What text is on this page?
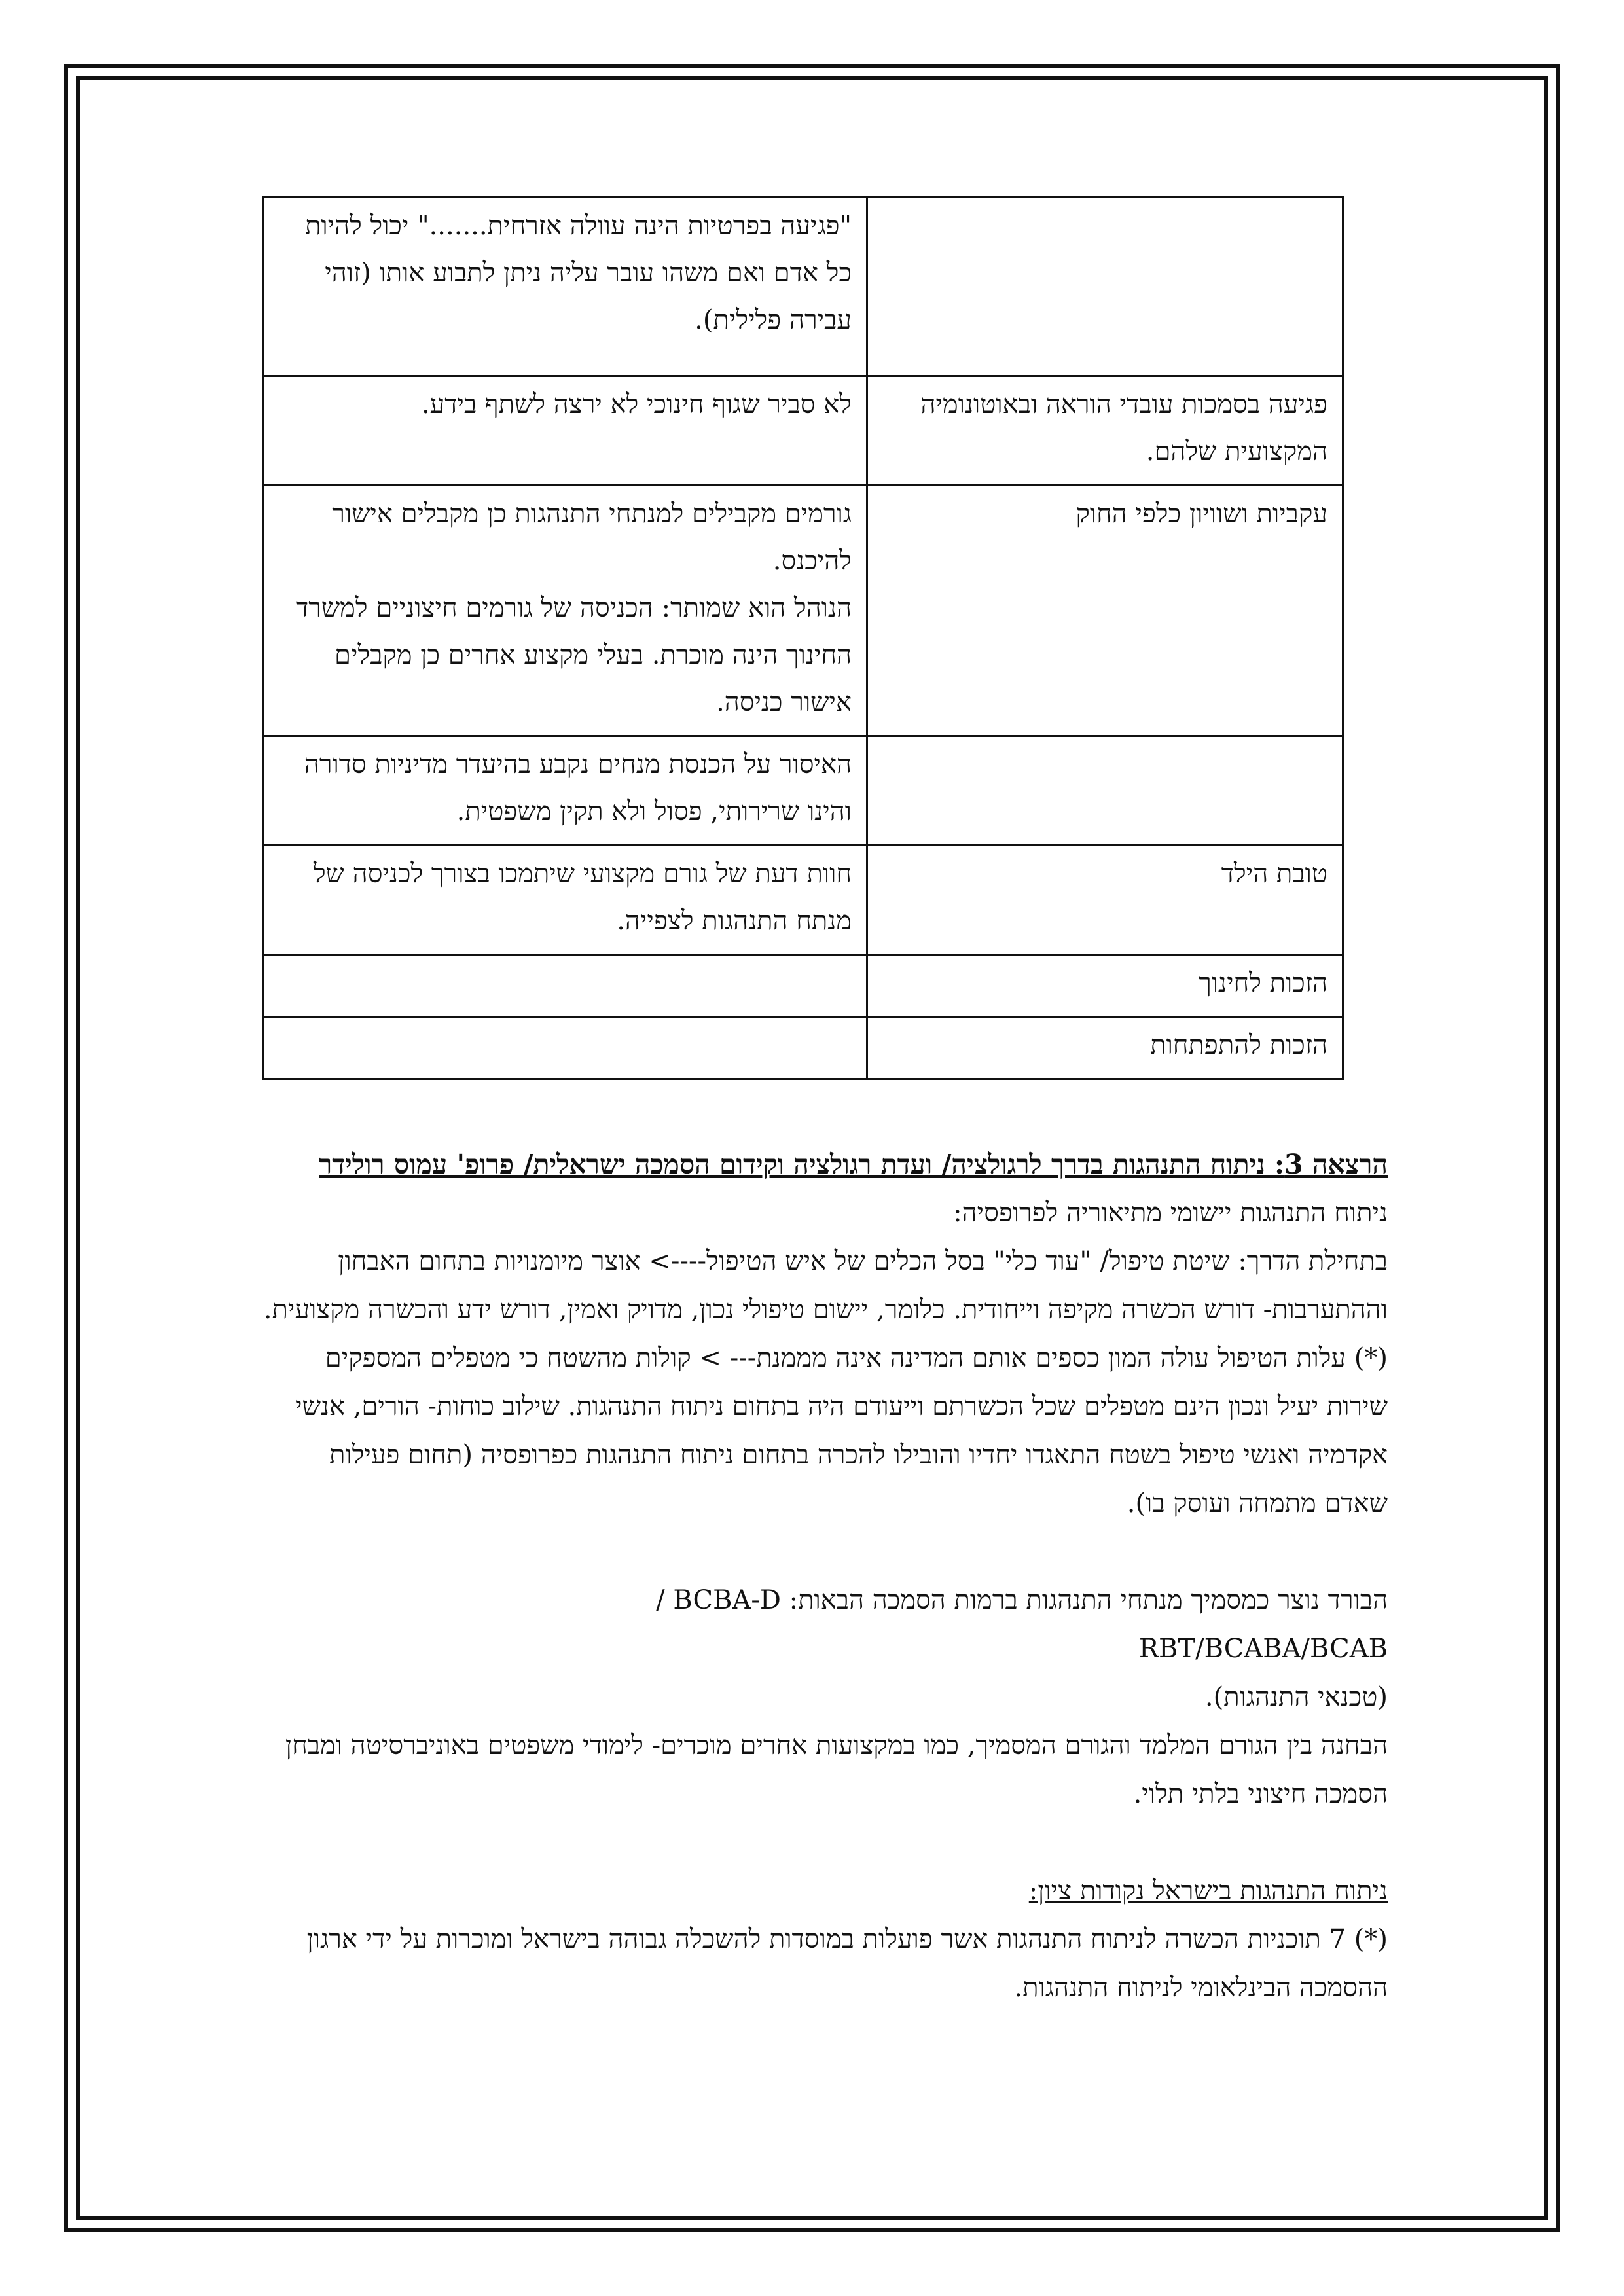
	"פגיעה בפרטיות הינה עוולה אזרחית......." יכול להיות כל אדם ואם משהו עובר עליה ניתן לתבוע אותו (זוהי עבירה פלילית).
פגיעה בסמכות עובדי הוראה ובאוטונומיה המקצועית שלהם.	לא סביר שגוף חינוכי לא ירצה לשתף בידע.
עקביות ושוויון כלפי החוק	גורמים מקבילים למנתחי התנהגות כן מקבלים אישור להיכנס.
הנוהל הוא שמותר: הכניסה של גורמים חיצוניים למשרד החינוך הינה מוכרת. בעלי מקצוע אחרים כן מקבלים אישור כניסה.

	האיסור על הכנסת מנחים נקבע בהיעדר מדיניות סדורה והינו שרירותי, פסול ולא תקין משפטית.
טובת הילד	חוות דעת של גורם מקצועי שיתמכו בצורך לכניסה של מנתח התנהגות לצפייה.
הזכות לחינוך	
הזכות להתפתחות	
הרצאה 3: ניתוח התנהגות בדרך לרגולציה/ ועדת רגולציה וקידום הסמכה ישראלית/ פרופ' עמוס רולידר

ניתוח התנהגות יישומי מתיאוריה לפרופסיה:

בתחילת הדרך: שיטת טיפול/ "עוד כלי" בסל הכלים של איש הטיפול----> אוצר מיומנויות בתחום האבחון וההתערבות- דורש הכשרה מקיפה וייחודית. כלומר, יישום טיפולי נכון, מדויק ואמין, דורש ידע והכשרה מקצועית.

(*) עלות הטיפול עולה המון כספים אותם המדינה אינה מממנת--- > קולות מהשטח כי מטפלים המספקים שירות יעיל ונכון הינם מטפלים שכל הכשרתם וייעודם היה בתחום ניתוח התנהגות. שילוב כוחות- הורים, אנשי אקדמיה ואנשי טיפול בשטח התאגדו יחדיו והובילו להכרה בתחום ניתוח התנהגות כפרופסיה (תחום פעילות שאדם מתמחה ועוסק בו).

הבורד נוצר כמסמיך מנתחי התנהגות ברמות הסמכה הבאות: BCBA-D /

RBT/BCABA/BCAB

(טכנאי התנהגות).

הבחנה בין הגורם המלמד והגורם המסמיך, כמו במקצועות אחרים מוכרים- לימודי משפטים באוניברסיטה ומבחן הסמכה חיצוני בלתי תלוי.

ניתוח התנהגות בישראל נקודות ציון:

(*) 7 תוכניות הכשרה לניתוח התנהגות אשר פועלות במוסדות להשכלה גבוהה בישראל ומוכרות על ידי ארגון ההסמכה הבינלאומי לניתוח התנהגות.
